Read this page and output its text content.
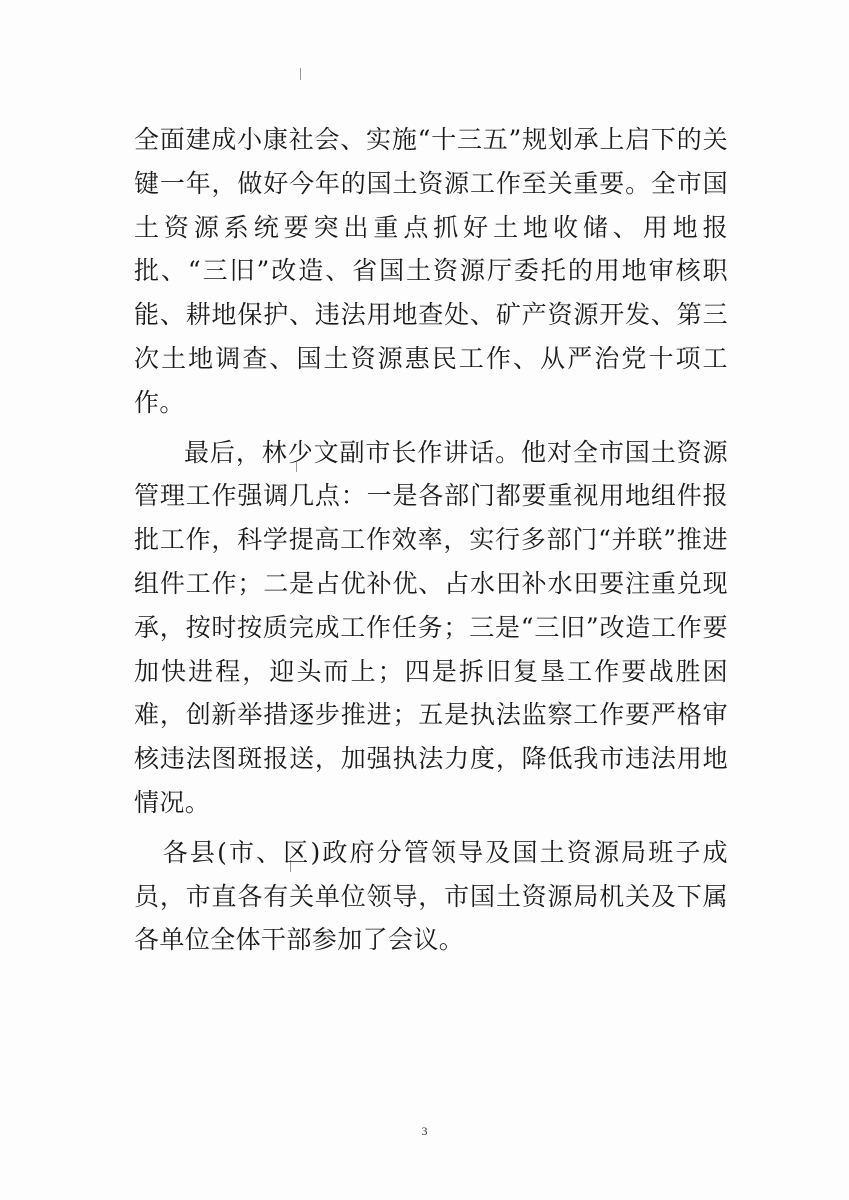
全面建成小康社会、实施“十三五”规划承上启下的关键一年，做好今年的国土资源工作至关重要。全市国土资源系统要突出重点抓好土地收储、用地报批、“三旧”改造、省国土资源厅委托的用地审核职能、耕地保护、违法用地查处、矿产资源开发、第三次土地调查、国土资源惠民工作、从严治党十项工作。

最后，林少文副市长作讲话。他对全市国土资源管理工作强调几点：一是各部门都要重视用地组件报批工作，科学提高工作效率，实行多部门“并联”推进组件工作；二是占优补优、占水田补水田要注重兑现承，按时按质完成工作任务；三是“三旧”改造工作要加快进程，迎头而上；四是拆旧复垦工作要战胜困难，创新举措逐步推进；五是执法监察工作要严格审核违法图斑报送，加强执法力度，降低我市违法用地情况。

各县(市、区)政府分管领导及国土资源局班子成员，市直各有关单位领导，市国土资源局机关及下属各单位全体干部参加了会议。

3
